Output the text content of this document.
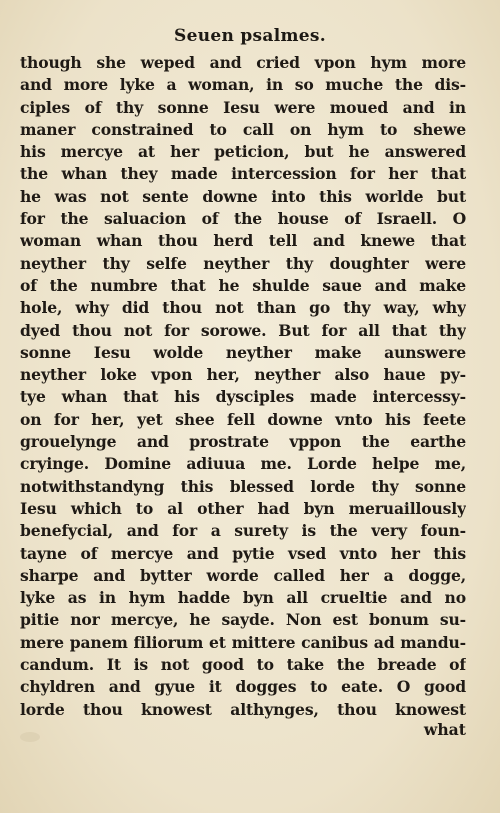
Seuen psalmes.
though she weped and cried vpon hym more
and more lyke a woman, in so muche the dis-
ciples of thy sonne Iesu were moued and in
maner constrained to call on hym to shewe
his mercye at her peticion, but he answered
the whan they made intercession for her that
he was not sente downe into this worlde but
for the saluacion of the house of Israell. O
woman whan thou herd tell and knewe that
neyther thy selfe neyther thy doughter were
of the numbre that he shulde saue and make
hole, why did thou not than go thy way, why
dyed thou not for sorowe. But for all that thy
sonne Iesu wolde neyther make aunswere
neyther loke vpon her, neyther also haue py-
tye whan that his dysciples made intercessy-
on for her, yet shee fell downe vnto his feete
grouelynge and prostrate vppon the earthe
cryinge. Domine adiuua me. Lorde helpe me,
notwithstandyng this blessed lorde thy sonne
Iesu which to al other had byn meruaillously
benefycial, and for a surety is the very foun-
tayne of mercye and pytie vsed vnto her this
sharpe and bytter worde called her a dogge,
lyke as in hym hadde byn all crueltie and no
pitie nor mercye, he sayde. Non est bonum su-
mere panem filiorum et mittere canibus ad mandu-
candum. It is not good to take the breade of
chyldren and gyue it dogges to eate. O good
lorde thou knowest althynges, thou knowest
what
